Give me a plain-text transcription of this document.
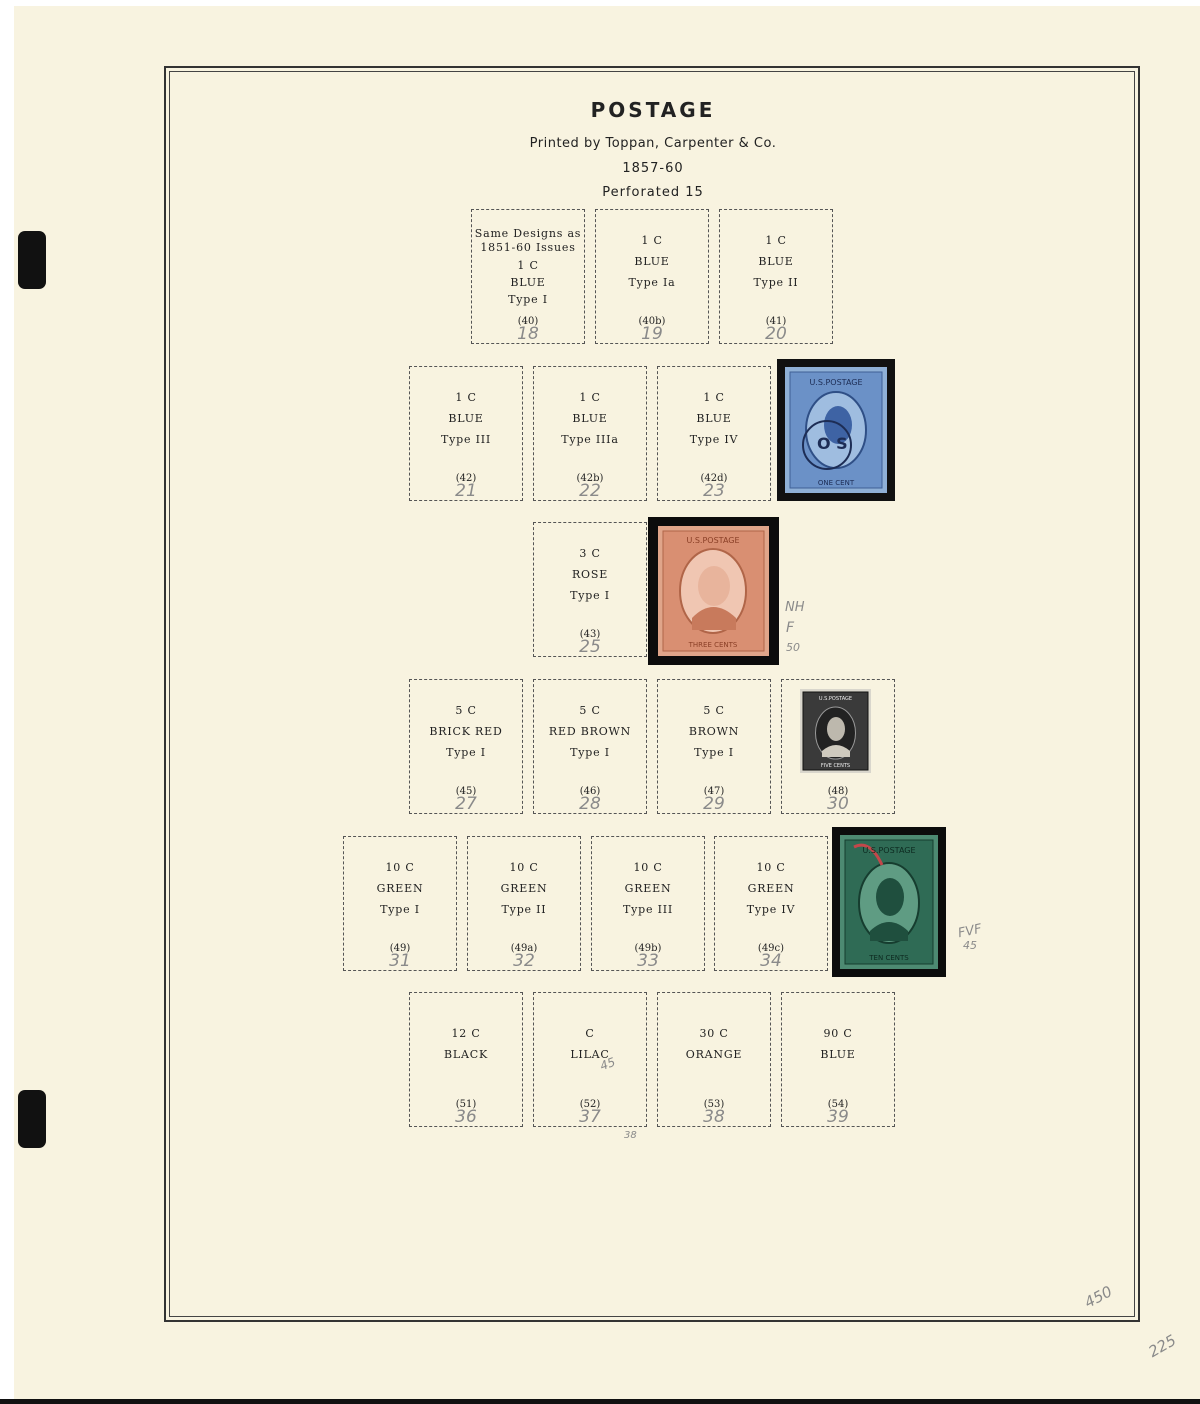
POSTAGE
Printed by Toppan, Carpenter & Co.
1857-60
Perforated 15
Same Designs as
1851-60 Issues
1 C
BLUE
Type I
(40)
18
1 C
BLUE
Type Ia
(40b)
19
1 C
BLUE
Type II
(41)
20
1 C
BLUE
Type III
(42)
21
1 C
BLUE
Type IIIa
(42b)
22
1 C
BLUE
Type IV
(42d)
23
O S
U.S.POSTAGE
ONE CENT
3 C
ROSE
Type I
(43)
25
U.S.POSTAGE
THREE CENTS
5 C
BRICK RED
Type I
(45)
27
5 C
RED BROWN
Type I
(46)
28
5 C
BROWN
Type I
(47)
29
(48)
30
U.S.POSTAGE
FIVE CENTS
10 C
GREEN
Type I
(49)
31
10 C
GREEN
Type II
(49a)
32
10 C
GREEN
Type III
(49b)
33
10 C
GREEN
Type IV
(49c)
34
U.S.POSTAGE
TEN CENTS
12 C
BLACK
(51)
36
C
LILAC
(52)
37
30 C
ORANGE
(53)
38
90 C
BLUE
(54)
39
NH
F
50
FVF
45
45
38
450
225
